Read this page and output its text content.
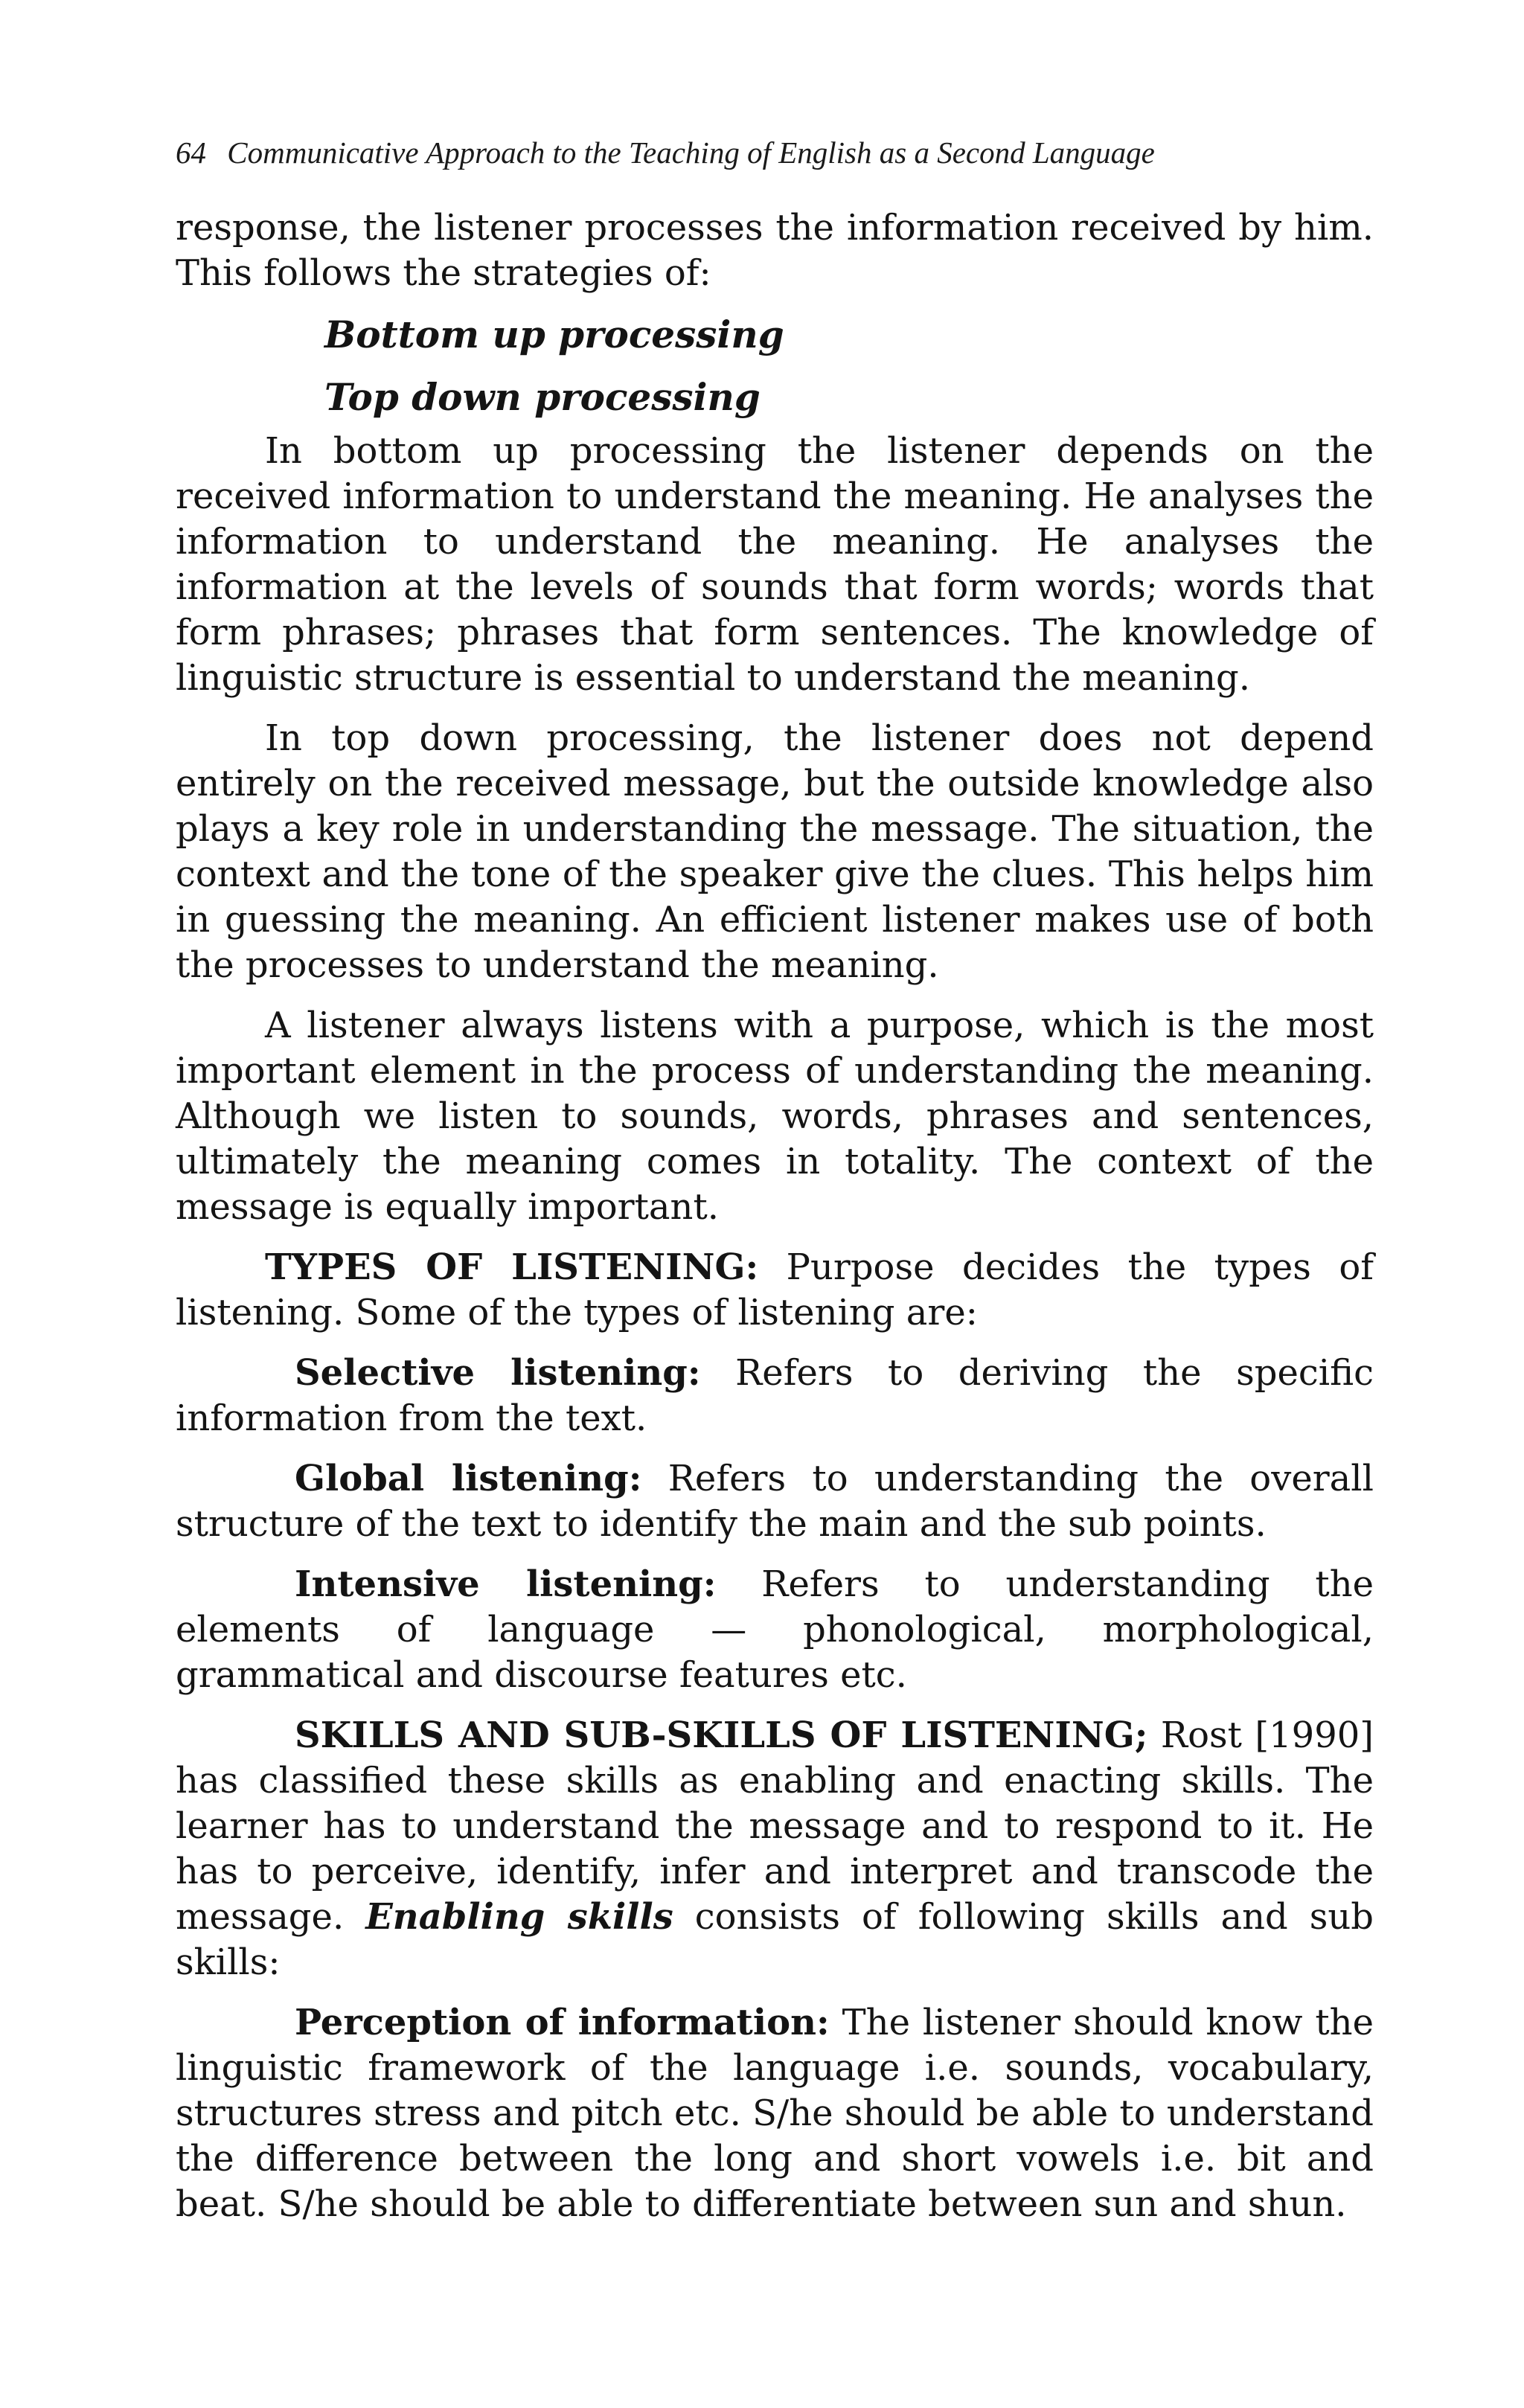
64 Communicative Approach to the Teaching of English as a Second Language

response, the listener processes the information received by him. This follows the strategies of:

Bottom up processing
Top down processing

In bottom up processing the listener depends on the received information to understand the meaning. He analyses the information to understand the meaning. He analyses the information at the levels of sounds that form words; words that form phrases; phrases that form sentences. The knowledge of linguistic structure is essential to understand the meaning.

In top down processing, the listener does not depend entirely on the received message, but the outside knowledge also plays a key role in understanding the message. The situation, the context and the tone of the speaker give the clues. This helps him in guessing the meaning. An efficient listener makes use of both the processes to understand the meaning.

A listener always listens with a purpose, which is the most important element in the process of understanding the meaning. Although we listen to sounds, words, phrases and sentences, ultimately the meaning comes in totality. The context of the message is equally important.

TYPES OF LISTENING: Purpose decides the types of listening. Some of the types of listening are:

Selective listening: Refers to deriving the specific information from the text.

Global listening: Refers to understanding the overall structure of the text to identify the main and the sub points.

Intensive listening: Refers to understanding the elements of language — phonological, morphological, grammatical and discourse features etc.

SKILLS AND SUB-SKILLS OF LISTENING; Rost [1990] has classified these skills as enabling and enacting skills. The learner has to understand the message and to respond to it. He has to perceive, identify, infer and interpret and transcode the message. Enabling skills consists of following skills and sub skills:

Perception of information: The listener should know the linguistic framework of the language i.e. sounds, vocabulary, structures stress and pitch etc. S/he should be able to understand the difference between the long and short vowels i.e. bit and beat. S/he should be able to differentiate between sun and shun.
